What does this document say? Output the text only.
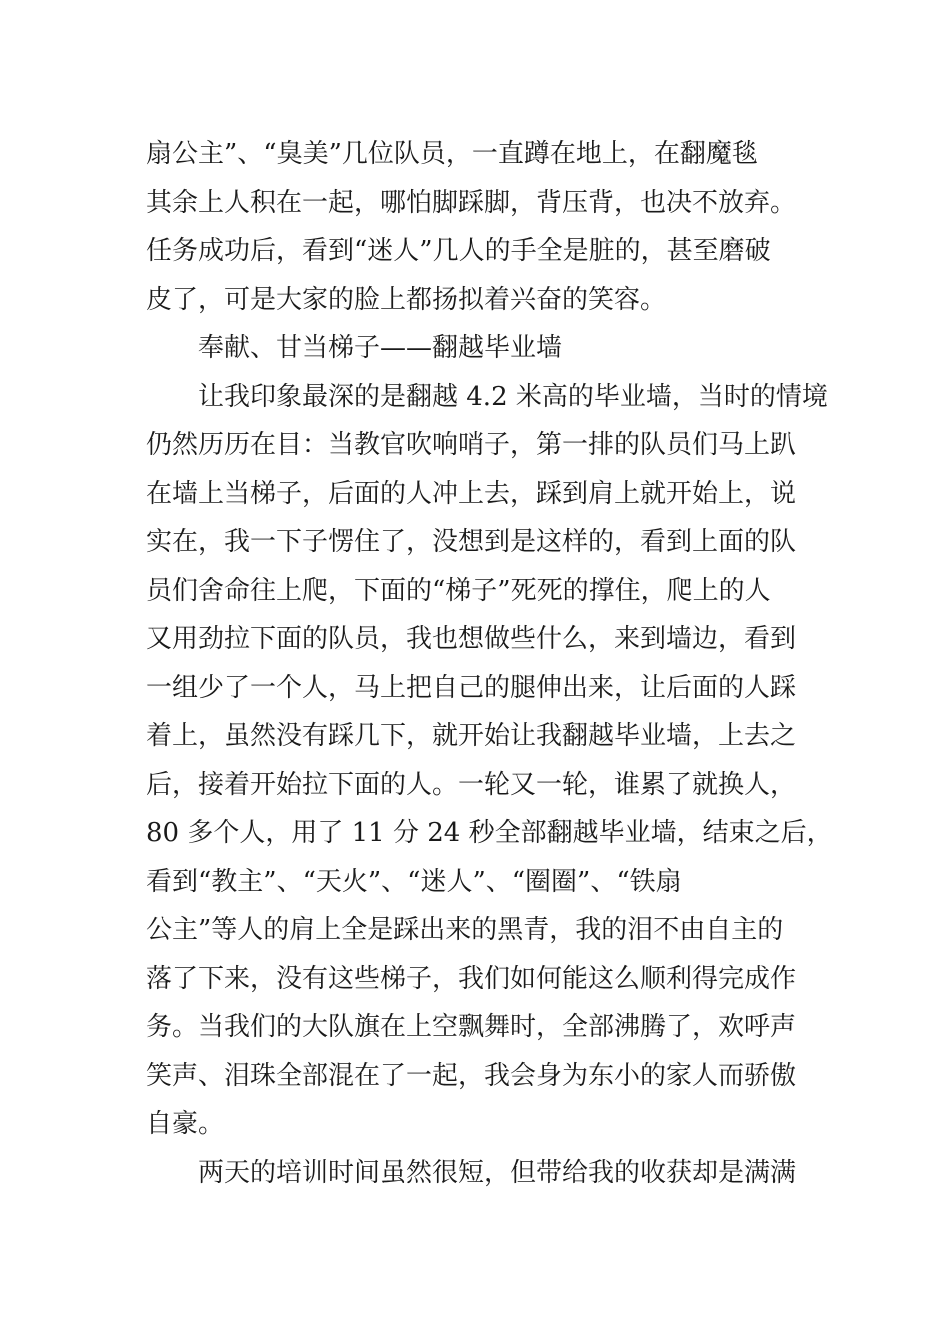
扇公主”、“臭美”几位队员，一直蹲在地上，在翻魔毯
其余上人积在一起，哪怕脚踩脚，背压背，也决不放弃。
任务成功后，看到“迷人”几人的手全是脏的，甚至磨破
皮了，可是大家的脸上都扬拟着兴奋的笑容。
奉献、甘当梯子——翻越毕业墙
让我印象最深的是翻越 4.2 米高的毕业墙，当时的情境
仍然历历在目：当教官吹响哨子，第一排的队员们马上趴
在墙上当梯子，后面的人冲上去，踩到肩上就开始上，说
实在，我一下子愣住了，没想到是这样的，看到上面的队
员们舍命往上爬，下面的“梯子”死死的撑住，爬上的人
又用劲拉下面的队员，我也想做些什么，来到墙边，看到
一组少了一个人，马上把自己的腿伸出来，让后面的人踩
着上，虽然没有踩几下，就开始让我翻越毕业墙，上去之
后，接着开始拉下面的人。一轮又一轮，谁累了就换人，
80 多个人，用了 11 分 24 秒全部翻越毕业墙，结束之后，
看到“教主”、“天火”、“迷人”、“圈圈”、“铁扇
公主”等人的肩上全是踩出来的黑青，我的泪不由自主的
落了下来，没有这些梯子，我们如何能这么顺利得完成作
务。当我们的大队旗在上空飘舞时，全部沸腾了，欢呼声
笑声、泪珠全部混在了一起，我会身为东小的家人而骄傲
自豪。
两天的培训时间虽然很短，但带给我的收获却是满满
